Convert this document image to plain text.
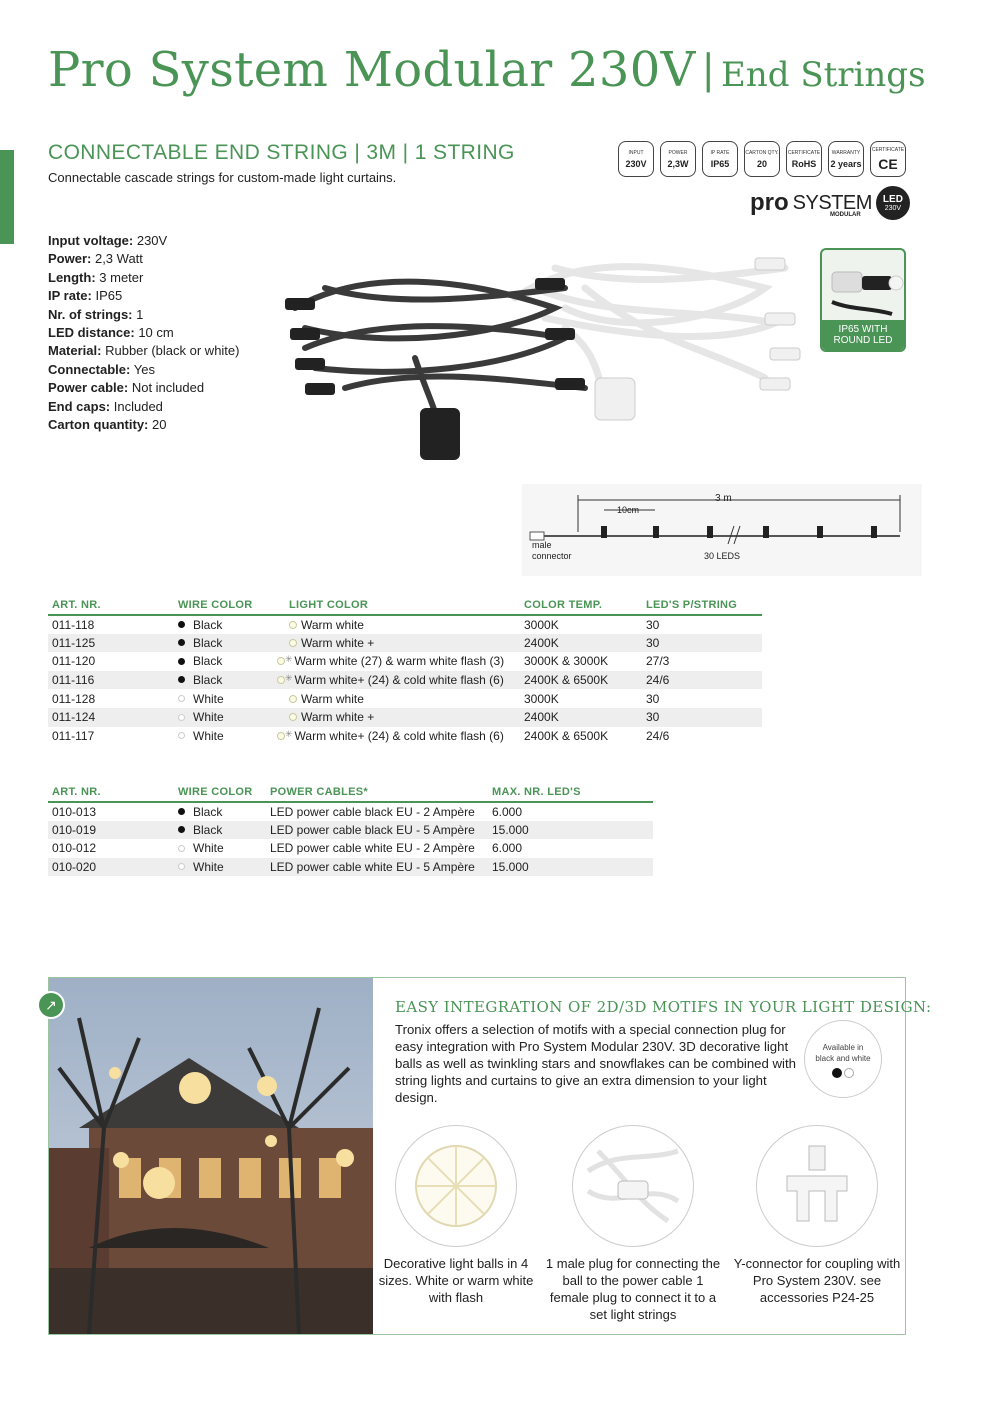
Pro System Modular 230V | End Strings
CONNECTABLE END STRING | 3M | 1 STRING
Connectable cascade strings for custom-made light curtains.
INPUT
230V
POWER
2,3W
IP RATE
IP65
CARTON QTY.
20
CERTIFICATE
RoHS
WARRANTY
2 years
CERTIFICATE
CE
pro SYSTEM LED
230V
MODULAR
Input voltage: 230V
Power: 2,3 Watt
Length: 3 meter
IP rate: IP65
Nr. of strings: 1
LED distance: 10 cm
Material: Rubber (black or white)
Connectable: Yes
Power cable: Not included
End caps: Included
Carton quantity: 20
IP65 WITH
ROUND LED
3 m
10cm
male
connector	30 LEDS
ART. NR.	WIRE COLOR	LIGHT COLOR	COLOR TEMP.	LED'S P/STRING
011-118	Black	Warm white	3000K	30
011-125	Black	Warm white +	2400K	30
011-120	Black	✳ Warm white (27) & warm white flash (3)	3000K & 3000K	27/3
011-116	Black	✳ Warm white+ (24) & cold white flash (6)	2400K & 6500K	24/6
011-128	White	Warm white	3000K	30
011-124	White	Warm white +	2400K	30
011-117	White	✳ Warm white+ (24) & cold white flash (6)	2400K & 6500K	24/6
ART. NR.	WIRE COLOR	POWER CABLES*	MAX. NR. LED'S
010-013	Black	LED power cable black EU - 2 Ampère	6.000
010-019	Black	LED power cable black EU - 5 Ampère	15.000
010-012	White	LED power cable white EU - 2 Ampère	6.000
010-020	White	LED power cable white EU - 5 Ampère	15.000
↗	EASY INTEGRATION OF 2D/3D MOTIFS IN YOUR LIGHT DESIGN:
Tronix offers a selection of motifs with a special connection plug for easy integration with Pro System Modular 230V. 3D decorative light balls as well as twinkling stars and snowflakes can be combined with string lights and curtains to give an extra dimension to your light design.
Available in
black and white

Decorative light balls in 4 sizes. White or warm white with flash
1 male plug for connecting the ball to the power cable 1 female plug to connect it to a set light strings
Y-connector for coupling with Pro System 230V. see accessories P24-25
